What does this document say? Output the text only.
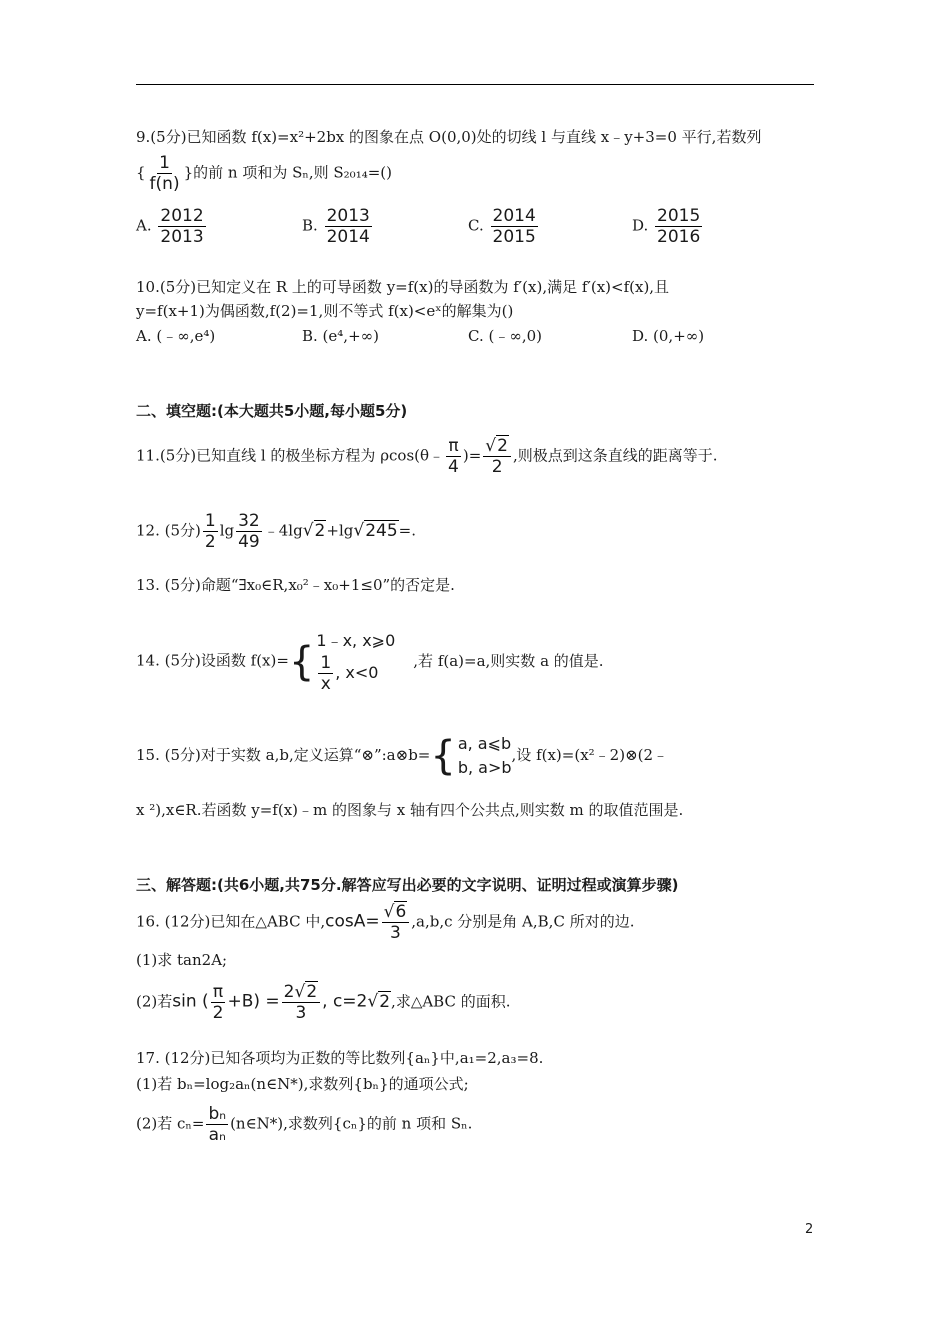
9.(5分)已知函数 f(x)=x²+2bx 的图象在点 O(0,0)处的切线 l 与直线 x﹣y+3=0 平行,若数列
{ $\frac{1}{f(n)}$ }的前 n 项和为 Sₙ,则 S₂₀₁₄=()
A. $\frac{2012}{2013}$	B. $\frac{2013}{2014}$	C. $\frac{2014}{2015}$	D. $\frac{2015}{2016}$
10.(5分)已知定义在 R 上的可导函数 y=f(x)的导函数为 f′(x),满足 f′(x)<f(x),且
y=f(x+1)为偶函数,f(2)=1,则不等式 f(x)<eˣ的解集为()
A. (﹣∞,e⁴)	B. (e⁴,+∞)	C. (﹣∞,0)	D. (0,+∞)
二、填空题:(本大题共5小题,每小题5分)
11.(5分)已知直线 l 的极坐标方程为 ρcos(θ﹣ $\frac{\pi}{4}$ )= $\frac{√2}{2}$ ,则极点到这条直线的距离等于.
12. (5分) $\frac{1}{2}$ $\lg \frac{32}{49}$ ﹣4lg√2+lg√245=.
13. (5分)命题“∃x₀∈R,x₀²﹣x₀+1≤0”的否定是.
14. (5分)设函数 f(x)={ 1﹣x, x⩾0
$\frac{1}{x}$ , x<0
,若 f(a)=a,则实数 a 的值是.
15. (5分)对于实数 a,b,定义运算“⊗”:a⊗b={ a, a⩽b
b, a>b
,设 f(x)=(x²﹣2)⊗(2﹣
x ²),x∈R.若函数 y=f(x)﹣m 的图象与 x 轴有四个公共点,则实数 m 的取值范围是.
三、解答题:(共6小题,共75分.解答应写出必要的文字说明、证明过程或演算步骤)
16. (12分)已知在△ABC 中$,\cos A= \frac{√6}{3} ,a,b,c$ 分别是角 A,B,C 所对的边.
(1)求 tan2A;
(2)若sin ( $\frac{\pi}{2} +B) = \frac{2√2}{3}$ , c=2√2,求△ABC 的面积.
17. (12分)已知各项均为正数的等比数列{aₙ}中,a₁=2,a₃=8.
(1)若 bₙ=log₂aₙ(n∈N*),求数列{bₙ}的通项公式;
(2)若 $c_n= \frac{\text{bₙ}}{\text{aₙ}}$ (n∈N*),求数列{cₙ}的前 n 项和 Sₙ.
2
